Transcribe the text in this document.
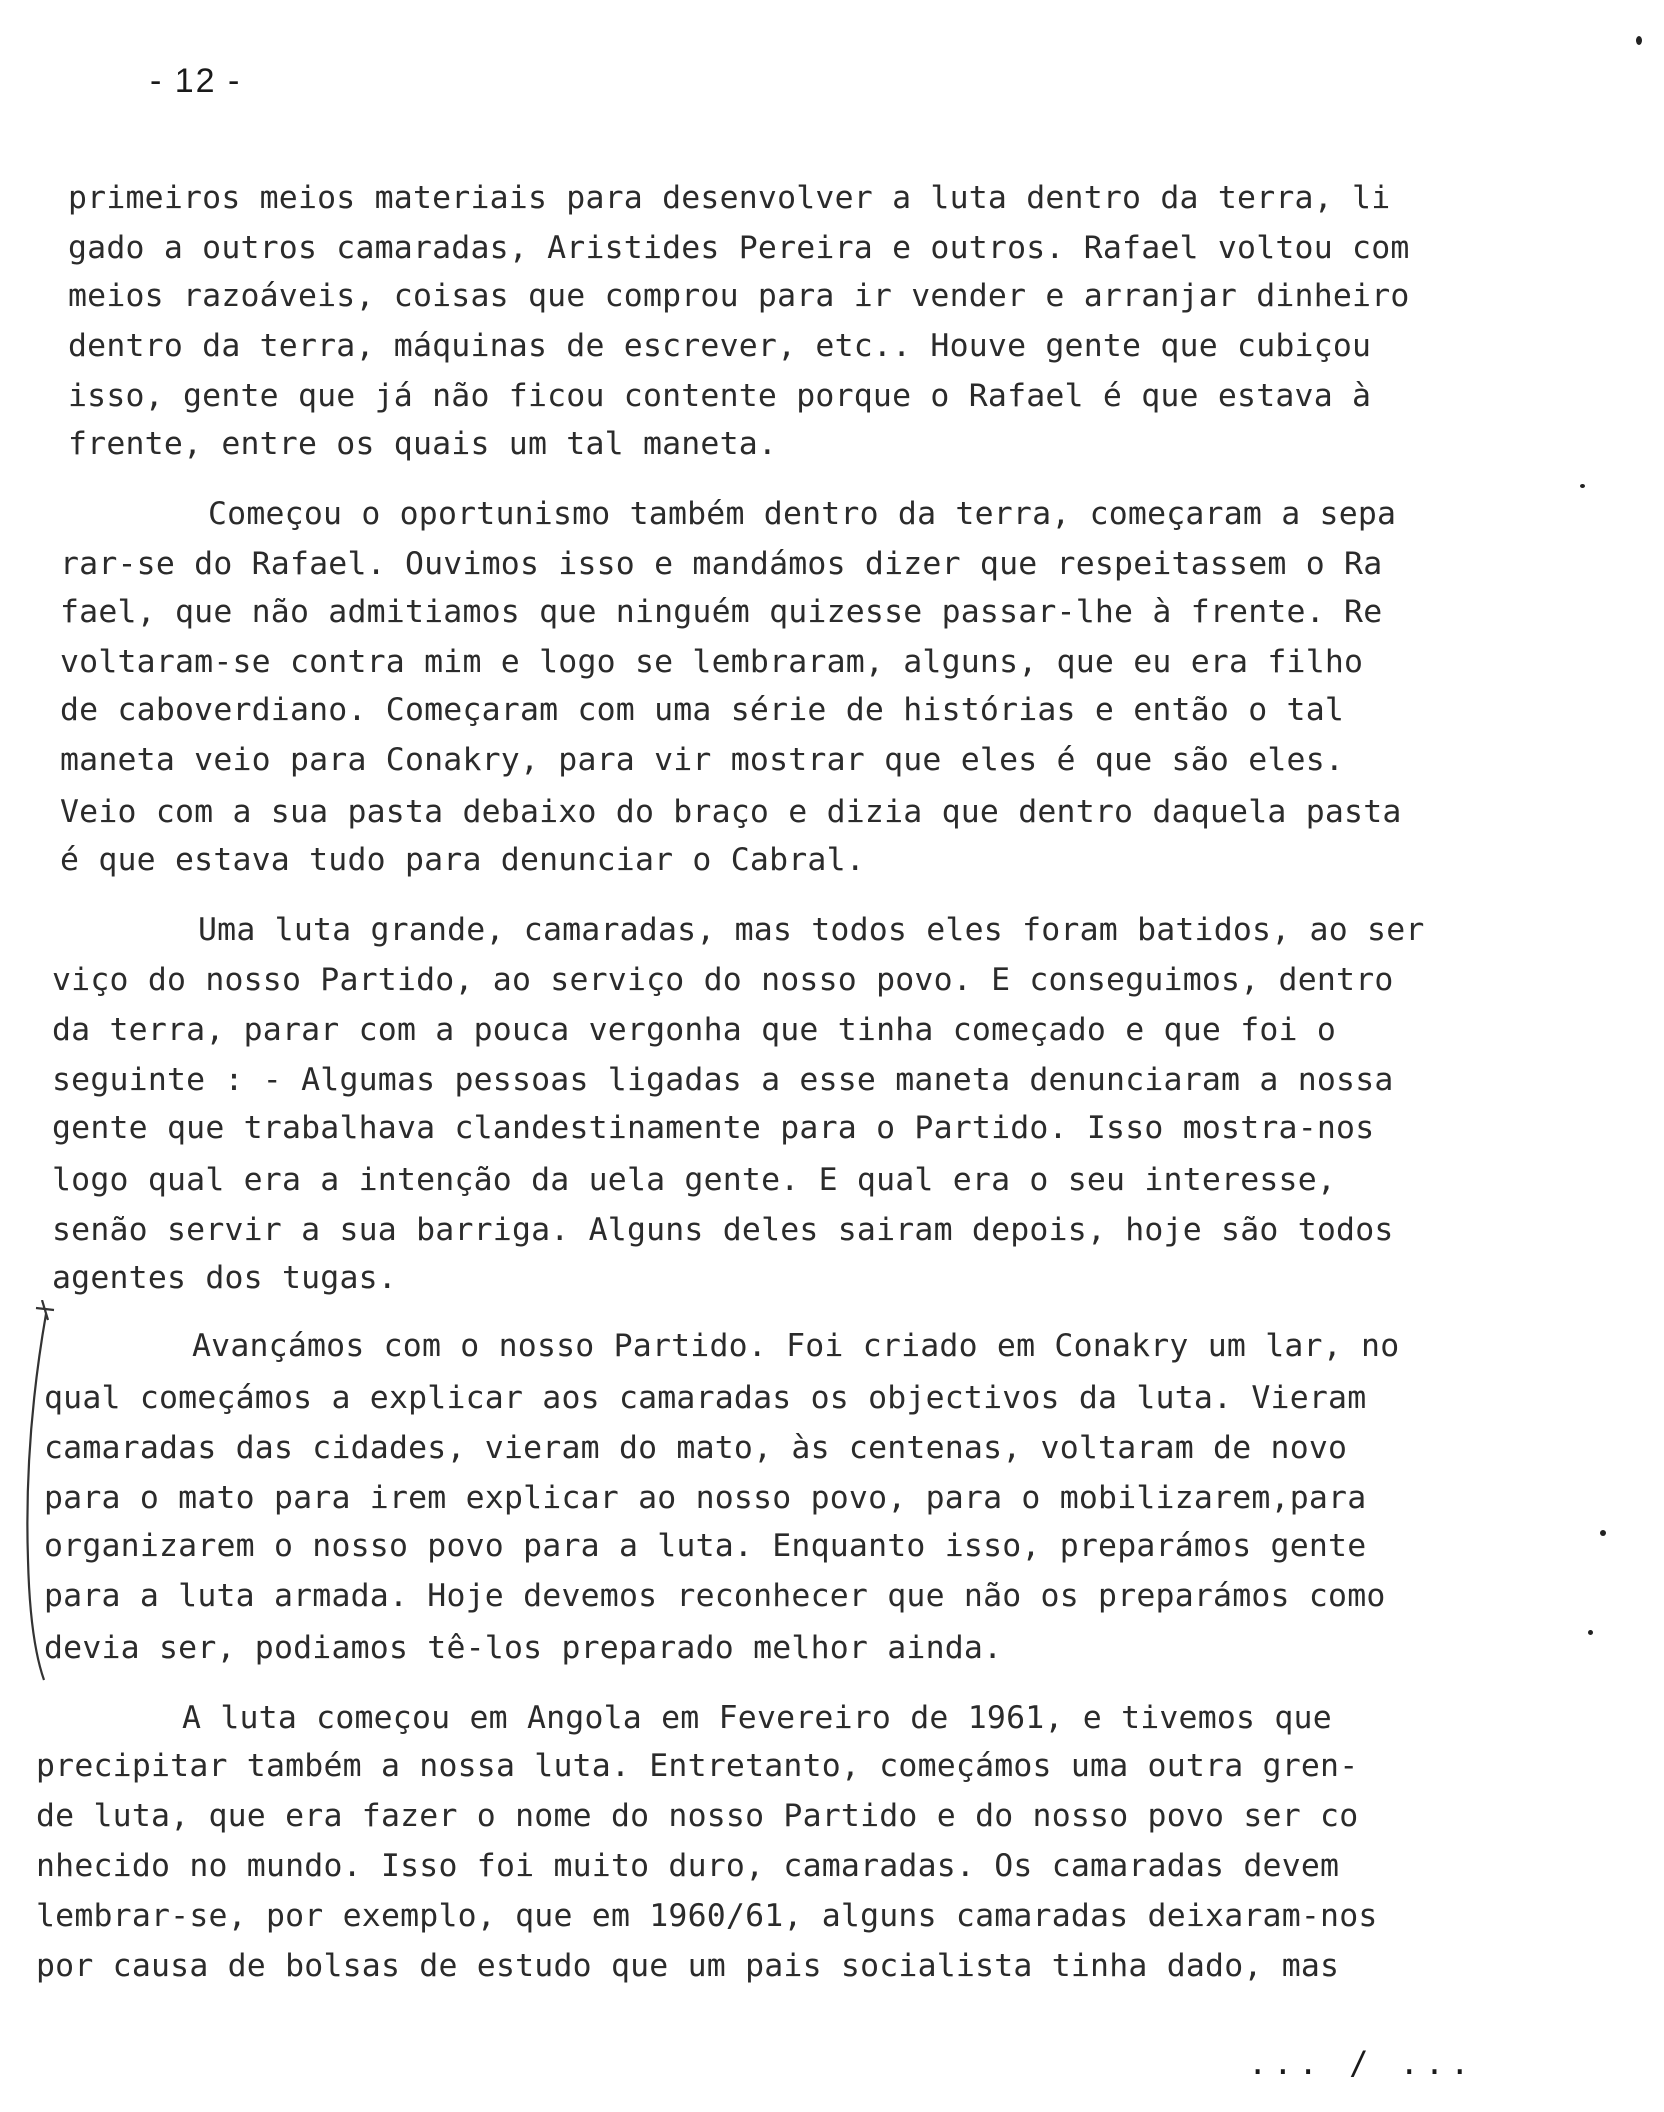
- 12 -
primeiros meios materiais para desenvolver a luta dentro da terra, li
gado a outros camaradas, Aristides Pereira e outros. Rafael voltou com
meios razoáveis, coisas que comprou para ir vender e arranjar dinheiro
dentro da terra, máquinas de escrever, etc.. Houve gente que cubiçou
isso, gente que já não ficou contente porque o Rafael é que estava à
frente, entre os quais um tal maneta.
Começou o oportunismo também dentro da terra, começaram a sepa
rar-se do Rafael. Ouvimos isso e mandámos dizer que respeitassem o Ra
fael, que não admitiamos que ninguém quizesse passar-lhe à frente. Re
voltaram-se contra mim e logo se lembraram, alguns, que eu era filho
de caboverdiano. Começaram com uma série de histórias e então o tal
maneta veio para Conakry, para vir mostrar que eles é que são eles.
Veio com a sua pasta debaixo do braço e dizia que dentro daquela pasta
é que estava tudo para denunciar o Cabral.
Uma luta grande, camaradas, mas todos eles foram batidos, ao ser
viço do nosso Partido, ao serviço do nosso povo. E conseguimos, dentro
da terra, parar com a pouca vergonha que tinha começado e que foi o
seguinte : - Algumas pessoas ligadas a esse maneta denunciaram a nossa
gente que trabalhava clandestinamente para o Partido. Isso mostra-nos
logo qual era a intenção da uela gente. E qual era o seu interesse,
senão servir a sua barriga. Alguns deles sairam depois, hoje são todos
agentes dos tugas.
Avançámos com o nosso Partido. Foi criado em Conakry um lar, no
qual começámos a explicar aos camaradas os objectivos da luta. Vieram
camaradas das cidades, vieram do mato, às centenas, voltaram de novo
para o mato para irem explicar ao nosso povo, para o mobilizarem,para
organizarem o nosso povo para a luta. Enquanto isso, preparámos gente
para a luta armada. Hoje devemos reconhecer que não os preparámos como
devia ser, podiamos tê-los preparado melhor ainda.
A luta começou em Angola em Fevereiro de 1961, e tivemos que
precipitar também a nossa luta. Entretanto, começámos uma outra gren-
de luta, que era fazer o nome do nosso Partido e do nosso povo ser co
nhecido no mundo. Isso foi muito duro, camaradas. Os camaradas devem
lembrar-se, por exemplo, que em 1960/61, alguns camaradas deixaram-nos
por causa de bolsas de estudo que um pais socialista tinha dado, mas
... / ...
